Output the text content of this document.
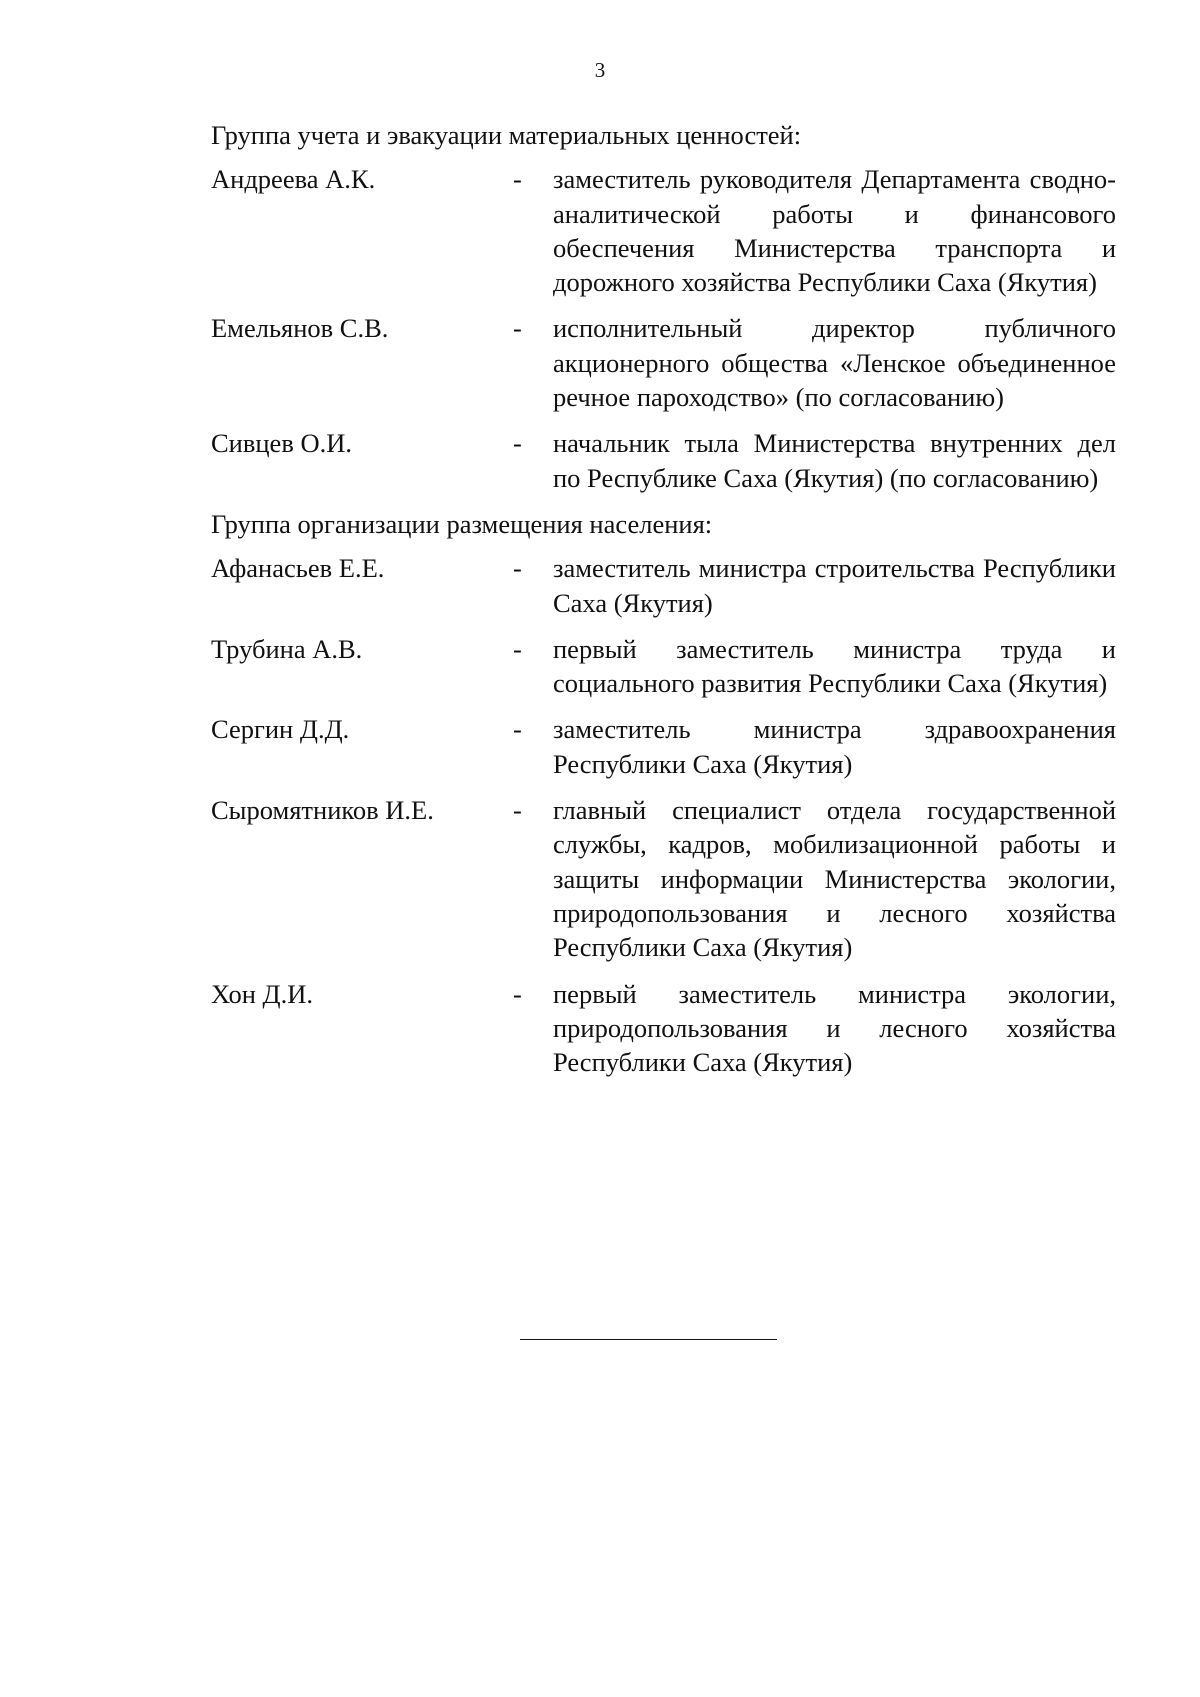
3
Группа учета и эвакуации материальных ценностей:
Андреева А.К.	-	заместитель руководителя Департамента сводно-аналитической работы и финансового обеспечения Министерства транспорта и дорожного хозяйства Республики Саха (Якутия)
Емельянов С.В.	-	исполнительный директор публичного акционерного общества «Ленское объединенное речное пароходство» (по согласованию)
Сивцев О.И.	-	начальник тыла Министерства внутренних дел по Республике Саха (Якутия) (по согласованию)
Группа организации размещения населения:
Афанасьев Е.Е.	-	заместитель министра строительства Республики Саха (Якутия)
Трубина А.В.	-	первый заместитель министра труда и социального развития Республики Саха (Якутия)
Сергин Д.Д.	-	заместитель министра здравоохранения Республики Саха (Якутия)
Сыромятников И.Е.	-	главный специалист отдела государственной службы, кадров, мобилизационной работы и защиты информации Министерства экологии, природопользования и лесного хозяйства Республики Саха (Якутия)
Хон Д.И.	-	первый заместитель министра экологии, природопользования и лесного хозяйства Республики Саха (Якутия)
